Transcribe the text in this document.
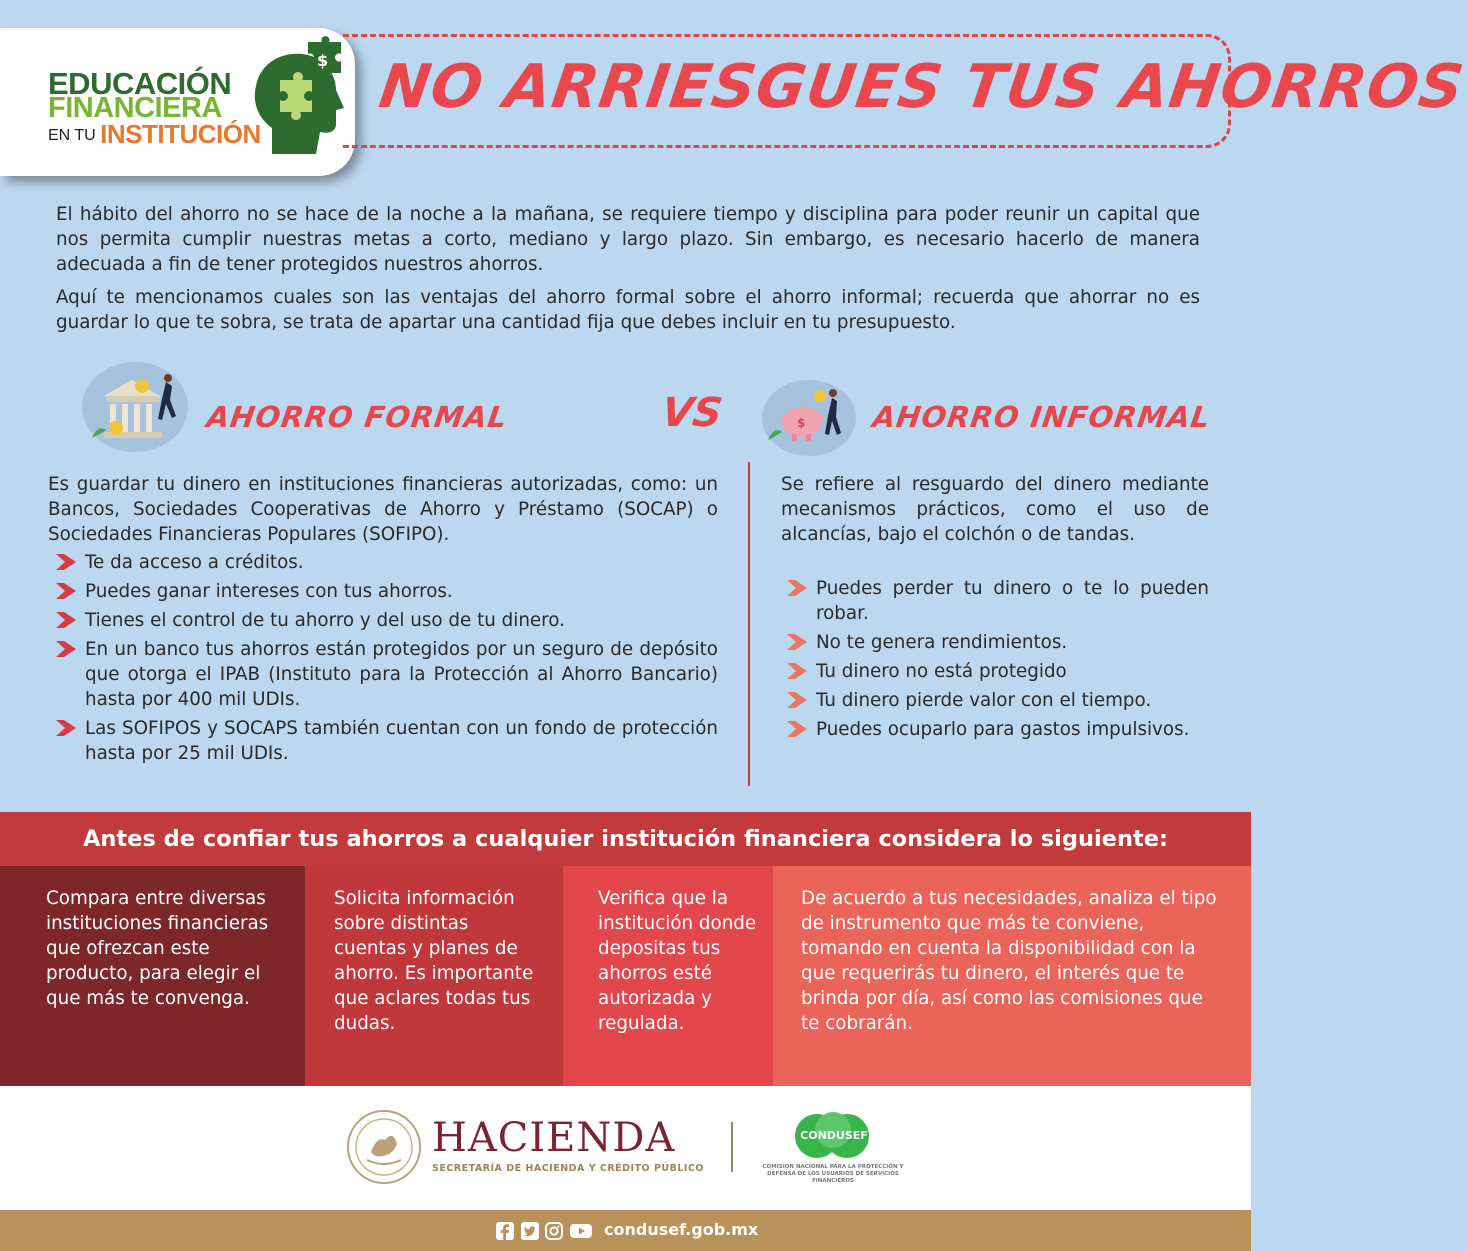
EDUCACIÓN
FINANCIERA
EN TU INSTITUCIÓN
$ NO ARRIESGUES TUS AHORROS

El hábito del ahorro no se hace de la noche a la mañana, se requiere tiempo y disciplina para poder reunir un capital que nos permita cumplir nuestras metas a corto, mediano y largo plazo. Sin embargo, es necesario hacerlo de manera adecuada a fin de tener protegidos nuestros ahorros.

Aquí te mencionamos cuales son las ventajas del ahorro formal sobre el ahorro informal; recuerda que ahorrar no es guardar lo que te sobra, se trata de apartar una cantidad fija que debes incluir en tu presupuesto.

AHORRO FORMAL	VS	$ AHORRO INFORMAL

Es guardar tu dinero en instituciones financieras autorizadas, como: un Bancos, Sociedades Cooperativas de Ahorro y Préstamo (SOCAP) o Sociedades Financieras Populares (SOFIPO).

Te da acceso a créditos.
Puedes ganar intereses con tus ahorros.
Tienes el control de tu ahorro y del uso de tu dinero.
En un banco tus ahorros están protegidos por un seguro de depósito que otorga el IPAB (Instituto para la Protección al Ahorro Bancario) hasta por 400 mil UDIs.
Las SOFIPOS y SOCAPS también cuentan con un fondo de protección hasta por 25 mil UDIs.

Se refiere al resguardo del dinero mediante mecanismos prácticos, como el uso de alcancías, bajo el colchón o de tandas.

Puedes perder tu dinero o te lo pueden robar.
No te genera rendimientos.
Tu dinero no está protegido
Tu dinero pierde valor con el tiempo.
Puedes ocuparlo para gastos impulsivos.
Antes de confiar tus ahorros a cualquier institución financiera considera lo siguiente:
Compara entre diversas instituciones financieras que ofrezcan este producto, para elegir el que más te convenga.
Solicita información sobre distintas cuentas y planes de ahorro. Es importante que aclares todas tus dudas.
Verifica que la institución donde depositas tus ahorros esté autorizada y regulada.
De acuerdo a tus necesidades, analiza el tipo de instrumento que más te conviene, tomando en cuenta la disponibilidad con la que requerirás tu dinero, el interés que te brinda por día, así como las comisiones que te cobrarán.
HACIENDA
SECRETARÍA DE HACIENDA Y CRÉDITO PÚBLICO
CONDUSEF
COMISIÓN NACIONAL PARA LA PROTECCIÓN Y DEFENSA DE LOS USUARIOS DE SERVICIOS FINANCIEROS
condusef.gob.mx
